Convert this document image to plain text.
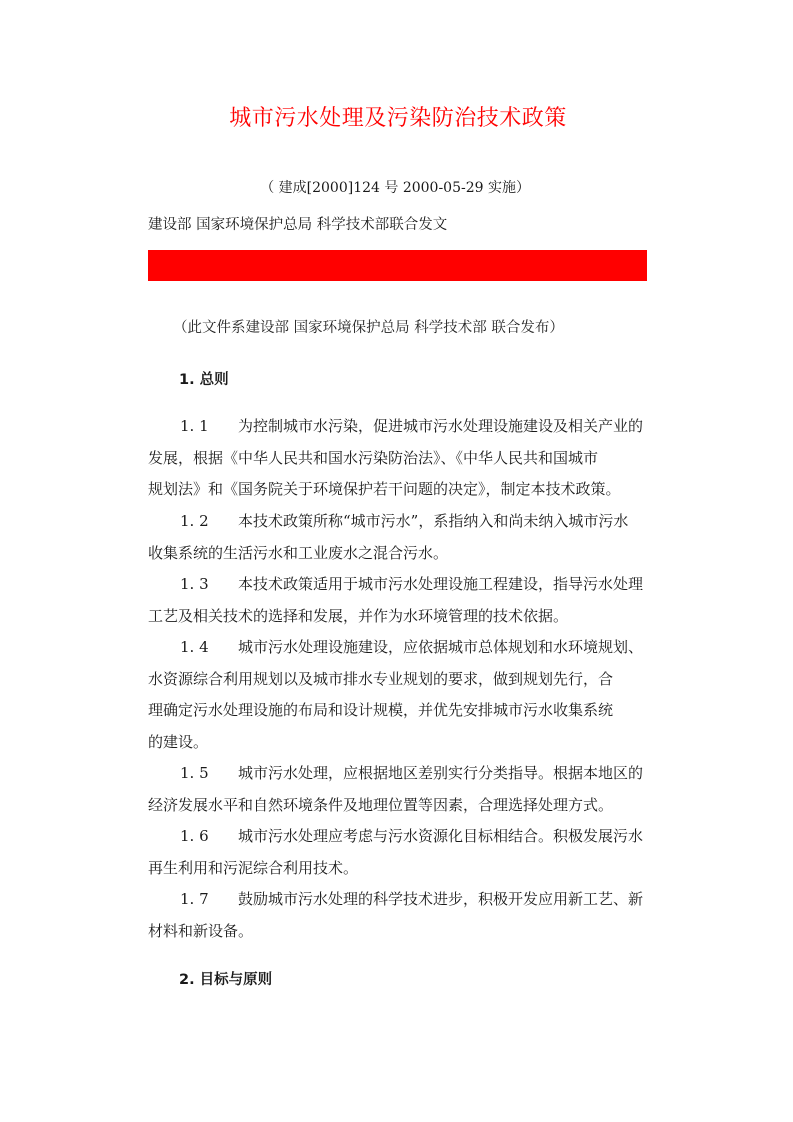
城市污水处理及污染防治技术政策
（ 建成[2000]124 号 2000-05-29 实施）
建设部 国家环境保护总局 科学技术部联合发文
（此文件系建设部 国家环境保护总局 科学技术部 联合发布）
1. 总则
1. 1 为控制城市水污染，促进城市污水处理设施建设及相关产业的
发展，根据《中华人民共和国水污染防治法》、《中华人民共和国城市
规划法》和《国务院关于环境保护若干问题的决定》，制定本技术政策。
1. 2 本技术政策所称“城市污水”，系指纳入和尚未纳入城市污水
收集系统的生活污水和工业废水之混合污水。
1. 3 本技术政策适用于城市污水处理设施工程建设，指导污水处理
工艺及相关技术的选择和发展，并作为水环境管理的技术依据。
1. 4 城市污水处理设施建设，应依据城市总体规划和水环境规划、
水资源综合利用规划以及城市排水专业规划的要求，做到规划先行，合
理确定污水处理设施的布局和设计规模，并优先安排城市污水收集系统
的建设。
1. 5 城市污水处理，应根据地区差别实行分类指导。根据本地区的
经济发展水平和自然环境条件及地理位置等因素，合理选择处理方式。
1. 6 城市污水处理应考虑与污水资源化目标相结合。积极发展污水
再生利用和污泥综合利用技术。
1. 7 鼓励城市污水处理的科学技术进步，积极开发应用新工艺、新
材料和新设备。
2. 目标与原则
